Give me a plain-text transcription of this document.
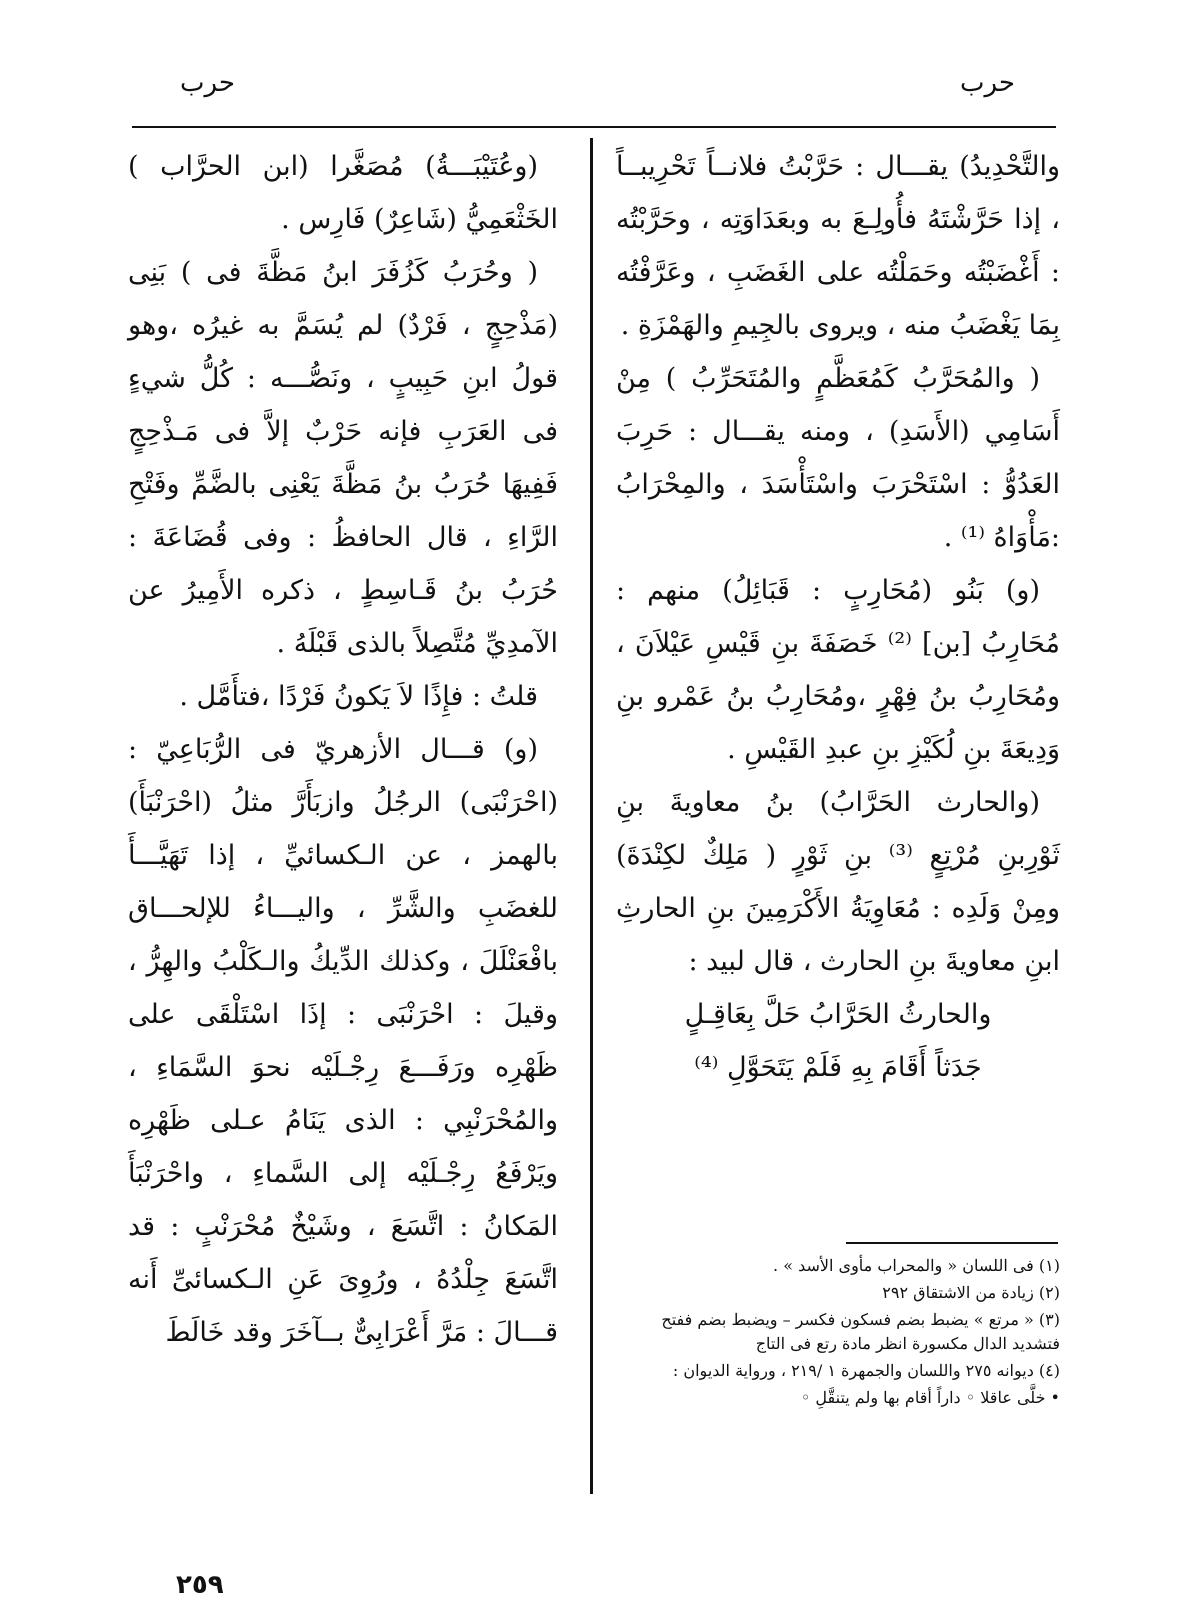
حرب
حرب

والتَّحْدِيدُ) يقـــال : حَرَّبْتُ فلانــاً تَحْرِيبــاً ، إذا حَرَّشْتَهُ فأُولِـعَ به وبعَدَاوَتِه ، وحَرَّبْتُه : أَغْضَبْتُه وحَمَلْتُه على الغَضَبِ ، وعَرَّفْتُه بِمَا يَغْضَبُ منه ، ويروى بالجِيمِ والهَمْزَةِ .

( والمُحَرَّبُ كَمُعَظَّمٍ والمُتَحَرِّبُ ) مِنْ أَسَامِي (الأَسَدِ) ، ومنه يقـــال : حَرِبَ العَدُوُّ : اسْتَحْرَبَ واسْتَأْسَدَ ، والمِحْرَابُ :مَأْوَاهُ ⁽¹⁾ .

(و) بَنُو (مُحَارِبٍ : قَبَائِلُ) منهم : مُحَارِبُ [بن] ⁽²⁾ خَصَفَةَ بنِ قَيْسِ عَيْلاَنَ ، ومُحَارِبُ بنُ فِهْرٍ ،ومُحَارِبُ بنُ عَمْرو بنِ وَدِيعَةَ بنِ لُكَيْزِ بنِ عبدِ القَيْسِ .

(والحارث الحَرَّابُ) بنُ معاويةَ بنِ ثَوْرِبنِ مُرْتِعٍ ⁽³⁾ بنِ ثَوْرٍ ( مَلِكٌ لكِنْدَةَ) ومِنْ وَلَدِه : مُعَاوِيَةُ الأَكْرَمِينَ بنِ الحارثِ ابنِ معاويةَ بنِ الحارث ، قال لبيد :

والحارثُ الحَرَّابُ حَلَّ بِعَاقِـلٍ

جَدَثاً أَقَامَ بِهِ فَلَمْ يَتَحَوَّلِ ⁽⁴⁾

(١) فى اللسان « والمحراب مأوى الأسد » .

(٢) زيادة من الاشتقاق ٢٩٢

(٣) « مرتع » يضبط بضم فسكون فكسر – ويضبط بضم ففتح فتشديد الدال مكسورة انظر مادة رتع فى التاج

(٤) ديوانه ٢٧٥ واللسان والجمهرة ١ /٢١٩ ، ورواية الديوان :

• خلَّى عاقلا ◦ داراً أقام بها ولم يتنقَّلِ ◦

(وعُتَيْبَـــةُ) مُصَغَّرا (ابن الحرَّاب ) الخَثْعَمِيُّ (شَاعِرٌ) فَارِس .

( وحُرَبُ كَزُفَرَ ابنُ مَظَّةَ فى ) بَنِى (مَذْحِجٍ ، فَرْدٌ) لم يُسَمَّ به غيرُه ،وهو قولُ ابنِ حَبِيبٍ ، ونَصُّـــه : كُلُّ شيءٍ فى العَرَبِ فإنه حَرْبٌ إلاَّ فى مَـذْحِجٍ فَفِيهَا حُرَبُ بنُ مَظَّةَ يَعْنِى بالضَّمِّ وفَتْحِ الرَّاءِ ، قال الحافظُ : وفى قُضَاعَةَ : حُرَبُ بنُ قَـاسِطٍ ، ذكره الأَمِيرُ عن الآمدِيِّ مُتَّصِلاً بالذى قَبْلَهُ .

قلتُ : فإِذًا لاَ يَكونُ فَرْدًا ،فتأَمَّل .

(و) قـــال الأزهريّ فى الرُّبَاعِيّ : (احْرَنْبَى) الرجُلُ وازبَأَرَّ مثلُ (احْرَنْبَأَ) بالهمز ، عن الـكسائيِّ ، إذا تَهَيَّـــأَ للغضَبِ والشَّرِّ ، واليـــاءُ للإلحـــاق بافْعَنْلَلَ ، وكذلك الدِّيكُ والـكَلْبُ والهِرُّ ، وقيلَ : احْرَنْبَى : إذَا اسْتَلْقَى على ظَهْرِه ورَفَـــعَ رِجْـلَيْه نحوَ السَّمَاءِ ، والمُحْرَنْبِي : الذى يَنَامُ عـلى ظَهْرِه ويَرْفَعُ رِجْـلَيْه إلى السَّماءِ ، واحْرَنْبَأَ المَكانُ : اتَّسَعَ ، وشَيْخٌ مُحْرَنْبٍ : قد اتَّسَعَ جِلْدُهُ ، ورُوِىَ عَنِ الـكسائىِّ أَنه قـــالَ : مَرَّ أَعْرَابِىٌّ بــآخَرَ وقد خَالَطَ

٢٥٩
